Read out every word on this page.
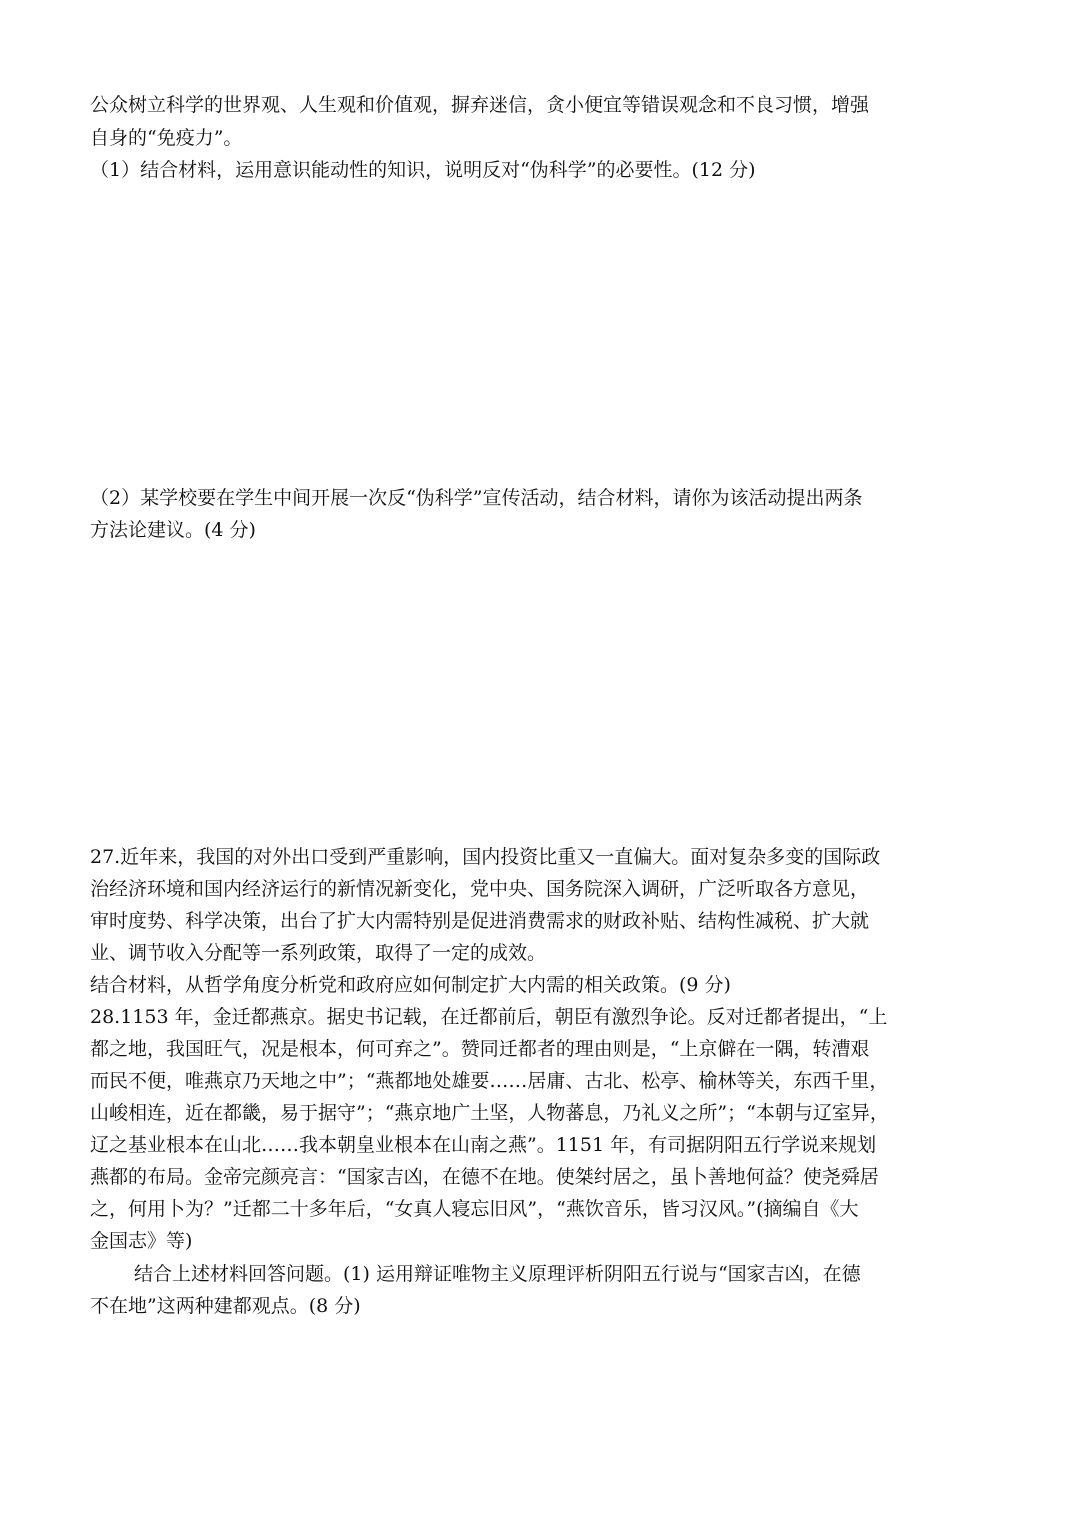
公众树立科学的世界观、人生观和价值观，摒弃迷信，贪小便宜等错误观念和不良习惯，增强
自身的“免疫力”。
（1）结合材料，运用意识能动性的知识，说明反对“伪科学”的必要性。(12 分)
（2）某学校要在学生中间开展一次反“伪科学”宣传活动，结合材料，请你为该活动提出两条
方法论建议。(4 分)
27.近年来，我国的对外出口受到严重影响，国内投资比重又一直偏大。面对复杂多变的国际政
治经济环境和国内经济运行的新情况新变化，党中央、国务院深入调研，广泛听取各方意见，
审时度势、科学决策，出台了扩大内需特别是促进消费需求的财政补贴、结构性减税、扩大就
业、调节收入分配等一系列政策，取得了一定的成效。
结合材料，从哲学角度分析党和政府应如何制定扩大内需的相关政策。(9 分)
28.1153 年，金迁都燕京。据史书记载，在迁都前后，朝臣有激烈争论。反对迁都者提出，“上
都之地，我国旺气，况是根本，何可弃之”。赞同迁都者的理由则是，“上京僻在一隅，转漕艰
而民不便，唯燕京乃天地之中”；“燕都地处雄要……居庸、古北、松亭、榆林等关，东西千里，
山峻相连，近在都畿，易于据守”；“燕京地广土坚，人物蕃息，乃礼义之所”；“本朝与辽室异，
辽之基业根本在山北……我本朝皇业根本在山南之燕”。1151 年，有司据阴阳五行学说来规划
燕都的布局。金帝完颜亮言：“国家吉凶，在德不在地。使桀纣居之，虽卜善地何益？使尧舜居
之，何用卜为？”迁都二十多年后，“女真人寝忘旧风”，“燕饮音乐，皆习汉风。”(摘编自《大
金国志》等)
结合上述材料回答问题。(1) 运用辩证唯物主义原理评析阴阳五行说与“国家吉凶，在德
不在地”这两种建都观点。(8 分)
